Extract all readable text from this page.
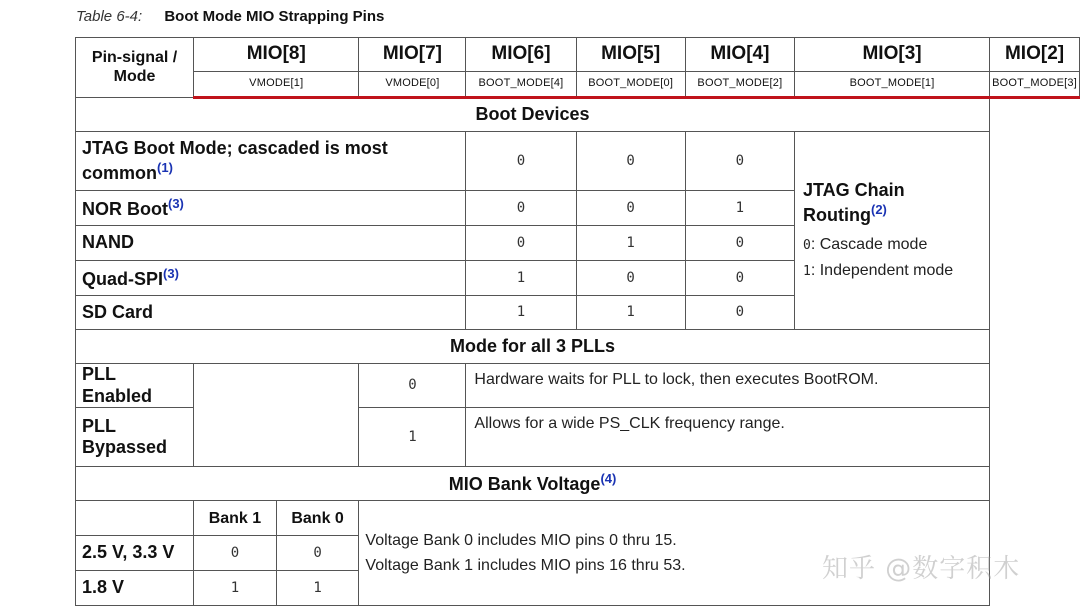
Table 6-4: Boot Mode MIO Strapping Pins
Pin-signal /
Mode	MIO[8]		MIO[7]	MIO[6]	MIO[5]	MIO[4]	MIO[3]	MIO[2]
	VMODE[1]		VMODE[0]	BOOT_MODE[4]	BOOT_MODE[0]	BOOT_MODE[2]	BOOT_MODE[1]	BOOT_MODE[3]
Boot Devices								
JTAG Boot Mode; cascaded is most common$^{(1)}$				0	0	0	JTAG Chain Routing$^{(2)}$
0: Cascade mode
1: Independent mode	

NOR Boot$^{(3)}$				0	0	1		
NAND				0	1	0		
Quad-SPI$^{(3)}$				1	0	0		
SD Card				1	1	0		
Mode for all 3 PLLs								
PLL Enabled			0	Hardware waits for PLL to lock, then executes BootROM.				

PLL
Bypassed			1	Allows for a wide PS_CLK frequency range.				
MIO Bank Voltage$^{(4)}$
	Bank 1	Bank 0	Voltage Bank 0 includes MIO pins 0 thru 15.
Voltage Bank 1 includes MIO pins 16 thru 53.					

2.5 V, 3.3 V	0	0						
1.8 V	1	1						
知乎 @数字积木
